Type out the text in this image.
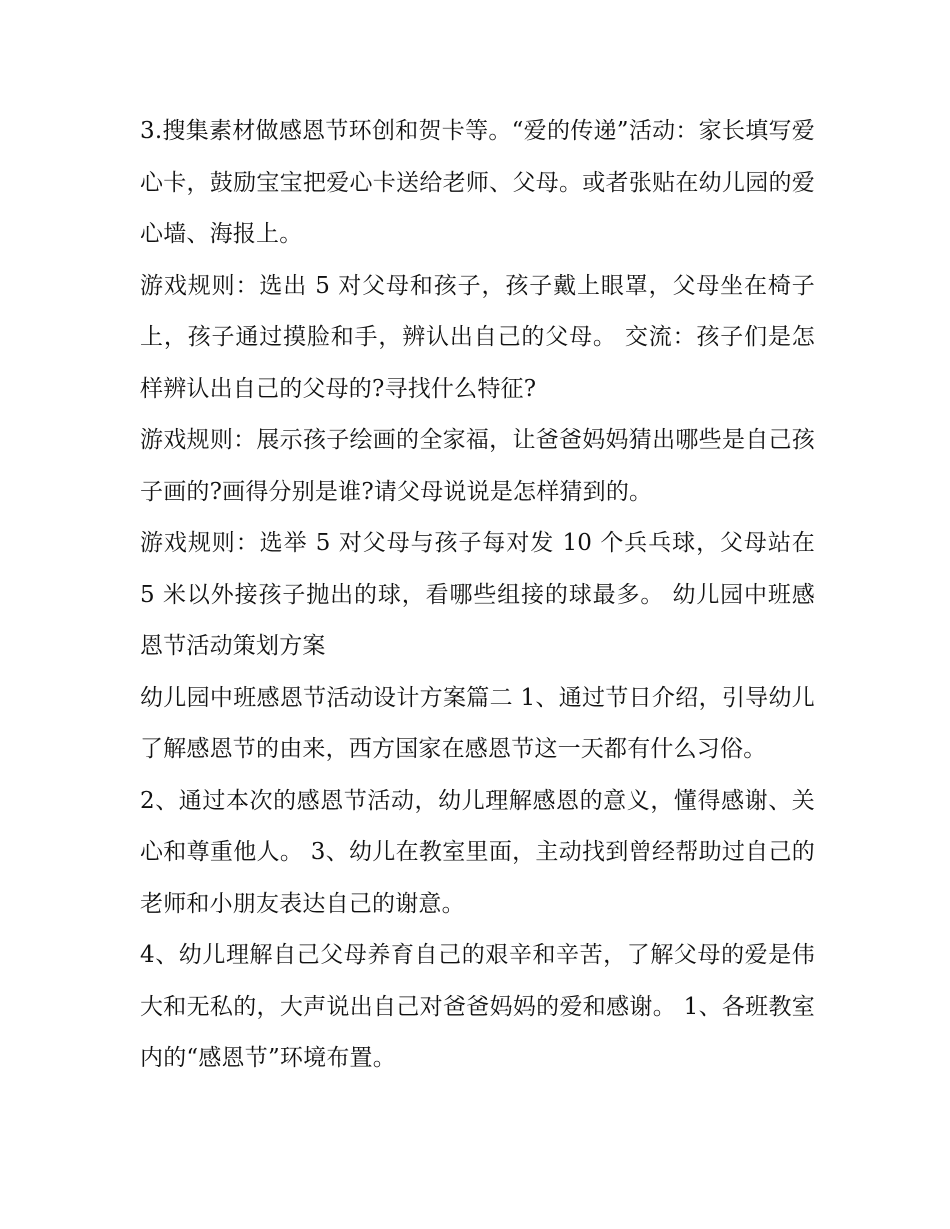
3.搜集素材做感恩节环创和贺卡等。“爱的传递”活动：家长填写爱心卡，鼓励宝宝把爱心卡送给老师、父母。或者张贴在幼儿园的爱心墙、海报上。

游戏规则：选出 5 对父母和孩子，孩子戴上眼罩，父母坐在椅子上，孩子通过摸脸和手，辨认出自己的父母。 交流：孩子们是怎样辨认出自己的父母的?寻找什么特征?

游戏规则：展示孩子绘画的全家福，让爸爸妈妈猜出哪些是自己孩子画的?画得分别是谁?请父母说说是怎样猜到的。

游戏规则：选举 5 对父母与孩子每对发 10 个兵乓球，父母站在 5 米以外接孩子抛出的球，看哪些组接的球最多。 幼儿园中班感恩节活动策划方案

幼儿园中班感恩节活动设计方案篇二 1、通过节日介绍，引导幼儿了解感恩节的由来，西方国家在感恩节这一天都有什么习俗。

2、通过本次的感恩节活动，幼儿理解感恩的意义，懂得感谢、关心和尊重他人。 3、幼儿在教室里面，主动找到曾经帮助过自己的老师和小朋友表达自己的谢意。

4、幼儿理解自己父母养育自己的艰辛和辛苦，了解父母的爱是伟大和无私的，大声说出自己对爸爸妈妈的爱和感谢。 1、各班教室内的“感恩节”环境布置。
